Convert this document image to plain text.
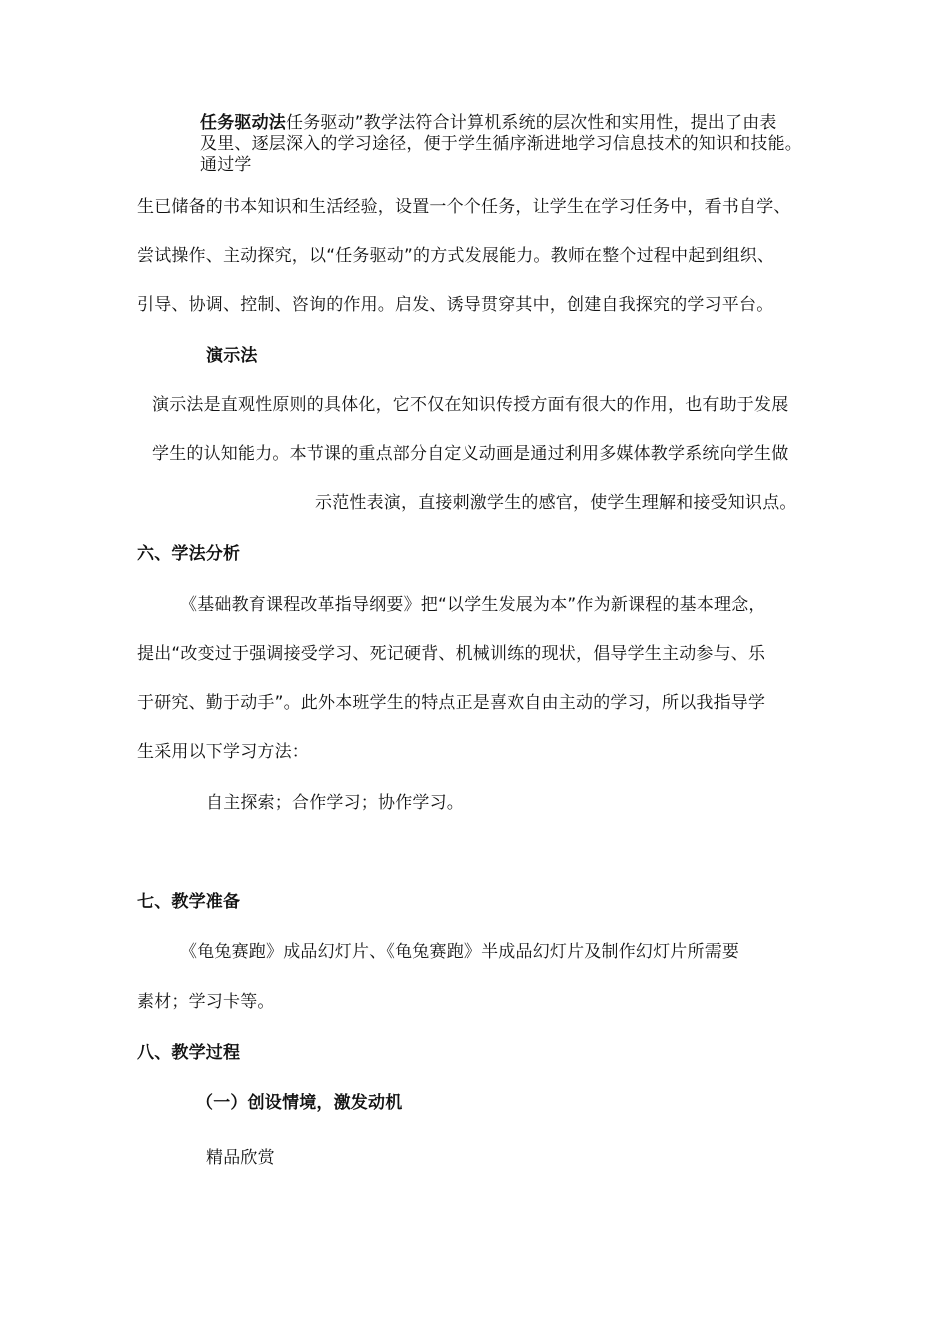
任务驱动法任务驱动”教学法符合计算机系统的层次性和实用性，提出了由表
及里、逐层深入的学习途径，便于学生循序渐进地学习信息技术的知识和技能。
通过学
生已储备的书本知识和生活经验，设置一个个任务，让学生在学习任务中，看书自学、
尝试操作、主动探究，以“任务驱动”的方式发展能力。教师在整个过程中起到组织、
引导、协调、控制、咨询的作用。启发、诱导贯穿其中，创建自我探究的学习平台。
演示法
演示法是直观性原则的具体化，它不仅在知识传授方面有很大的作用，也有助于发展
学生的认知能力。本节课的重点部分自定义动画是通过利用多媒体教学系统向学生做
示范性表演，直接刺激学生的感官，使学生理解和接受知识点。
六、学法分析
《基础教育课程改革指导纲要》把“以学生发展为本”作为新课程的基本理念，
提出“改变过于强调接受学习、死记硬背、机械训练的现状，倡导学生主动参与、乐
于研究、勤于动手”。此外本班学生的特点正是喜欢自由主动的学习，所以我指导学
生采用以下学习方法：
自主探索；合作学习；协作学习。
七、教学准备
《龟兔赛跑》成品幻灯片、《龟兔赛跑》半成品幻灯片及制作幻灯片所需要
素材；学习卡等。
八、教学过程
（一）创设情境，激发动机
精品欣赏
